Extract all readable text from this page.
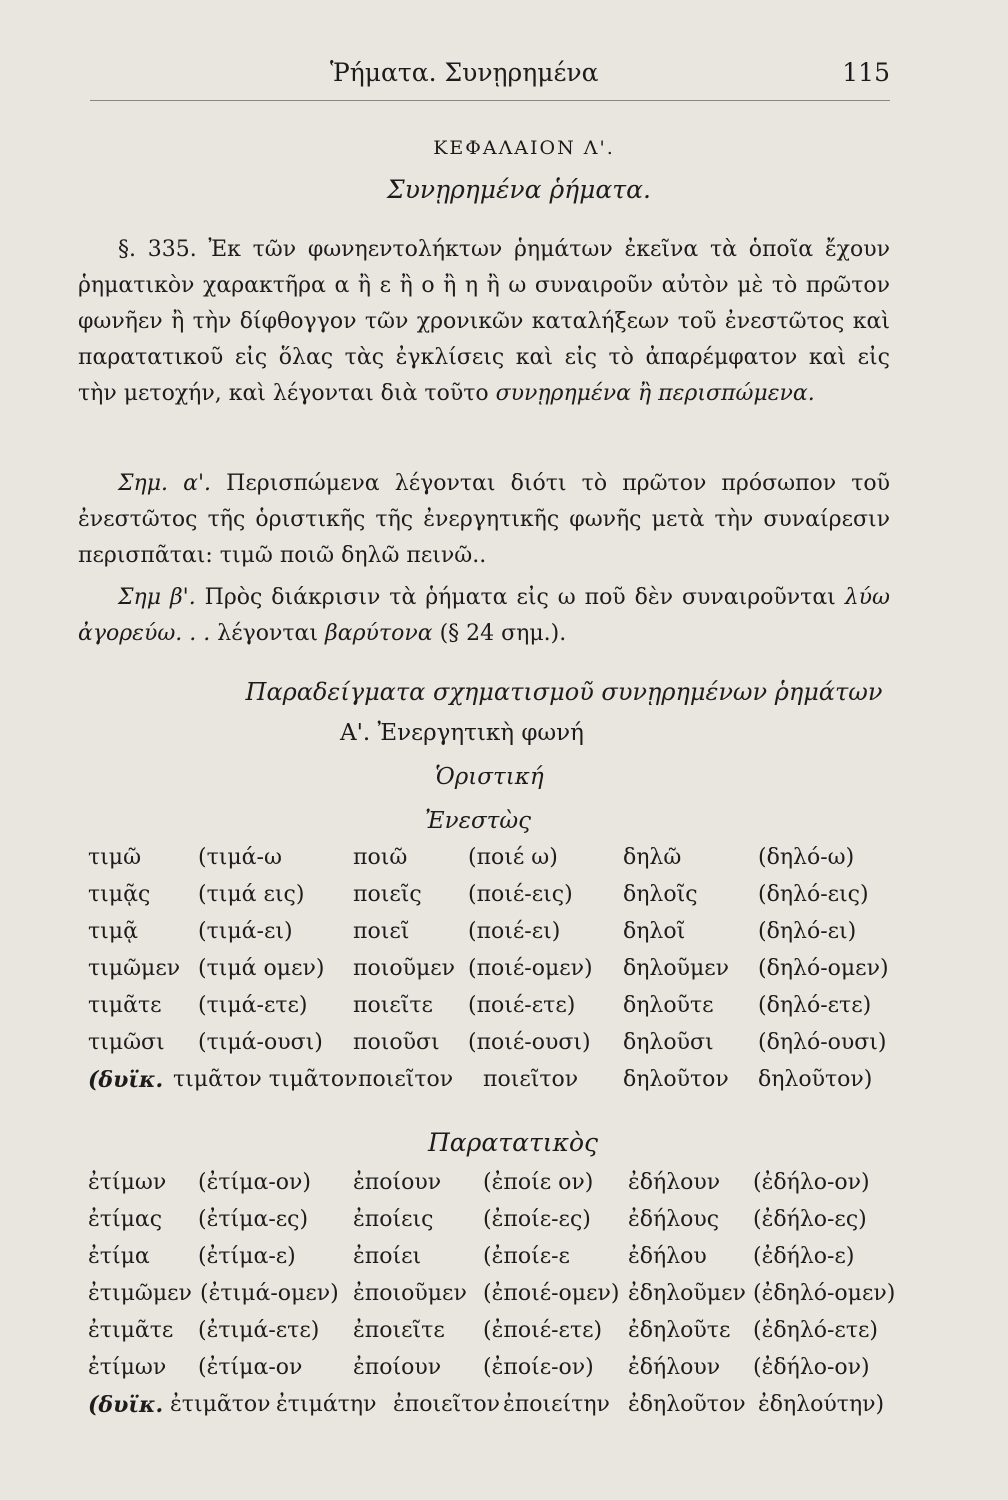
Ῥήματα. Συνῃρημένα	115
ΚΕΦΑΛΑΙΟΝ Λ'.
Συνῃρημένα ῥήματα.
§. 335. Ἐκ τῶν φωνηεντολήκτων ῥημάτων ἐκεῖνα τὰ ὁποῖα ἔχουν ῥηματικὸν χαρακτῆρα α ἢ ε ἢ ο ἢ η ἢ ω συναιροῦν αὐτὸν μὲ τὸ πρῶτον φωνῆεν ἢ τὴν δίφθογγον τῶν χρονικῶν καταλήξεων τοῦ ἐνεστῶτος καὶ παρατατικοῦ εἰς ὅλας τὰς ἐγκλίσεις καὶ εἰς τὸ ἀπαρέμφατον καὶ εἰς τὴν μετοχήν, καὶ λέγονται διὰ τοῦτο συνῃρημένα ἢ περισπώμενα.
Σημ. α'. Περισπώμενα λέγονται διότι τὸ πρῶτον πρόσωπον τοῦ ἐνεστῶτος τῆς ὁριστικῆς τῆς ἐνεργητικῆς φωνῆς μετὰ τὴν συναίρεσιν περισπᾶται: τιμῶ ποιῶ δηλῶ πεινῶ..
Σημ β'. Πρὸς διάκρισιν τὰ ῥήματα εἰς ω ποῦ δὲν συναιροῦνται λύω ἀγορεύω. . . λέγονται βαρύτονα (§ 24 σημ.).
Παραδείγματα σχηματισμοῦ συνῃρημένων ῥημάτων
Α'. Ἐνεργητικὴ φωνή
Ὁριστική
Ἐνεστὼς
τιμῶ	(τιμά-ω	ποιῶ	(ποιέ ω)	δηλῶ	(δηλό-ω)
τιμᾷς (τιμά εις) ποιεῖς (ποιέ-εις) δηλοῖς	(δηλό-εις)
τιμᾷ	(τιμά-ει)	ποιεῖ	(ποιέ-ει)	δηλοῖ	(δηλό-ει)
τιμῶμεν (τιμά ομεν) ποιοῦμεν (ποιέ-ομεν) δηλοῦμεν (δηλό-ομεν)
τιμᾶτε (τιμά-ετε) ποιεῖτε (ποιέ-ετε) δηλοῦτε (δηλό-ετε)
τιμῶσι (τιμά-ουσι) ποιοῦσι (ποιέ-ουσι) δηλοῦσι (δηλό-ουσι)
(δυϊκ. τιμᾶτον τιμᾶτον ποιεῖτον ποιεῖτον δηλοῦτον δηλοῦτον)
Παρατατικὸς
ἐτίμων (ἐτίμα-ον) ἐποίουν (ἐποίε ον) ἐδήλουν (ἐδήλο-ον)
ἐτίμας (ἐτίμα-ες) ἐποίεις (ἐποίε-ες) ἐδήλους (ἐδήλο-ες)
ἐτίμα (ἐτίμα-ε)	ἐποίει	(ἐποίε-ε	ἐδήλου (ἐδήλο-ε)
ἐτιμῶμεν (ἐτιμά-ομεν) ἐποιοῦμεν (ἐποιέ-ομεν) ἐδηλοῦμεν (ἐδηλό-ομεν)
ἐτιμᾶτε (ἐτιμά-ετε) ἐποιεῖτε (ἐποιέ-ετε) ἐδηλοῦτε (ἐδηλό-ετε)
ἐτίμων (ἐτίμα-ον ἐποίουν (ἐποίε-ον) ἐδήλουν (ἐδήλο-ον)
(δυϊκ. ἐτιμᾶτον ἐτιμάτην ἐποιεῖτον ἐποιείτην ἐδηλοῦτον ἐδηλούτην)
